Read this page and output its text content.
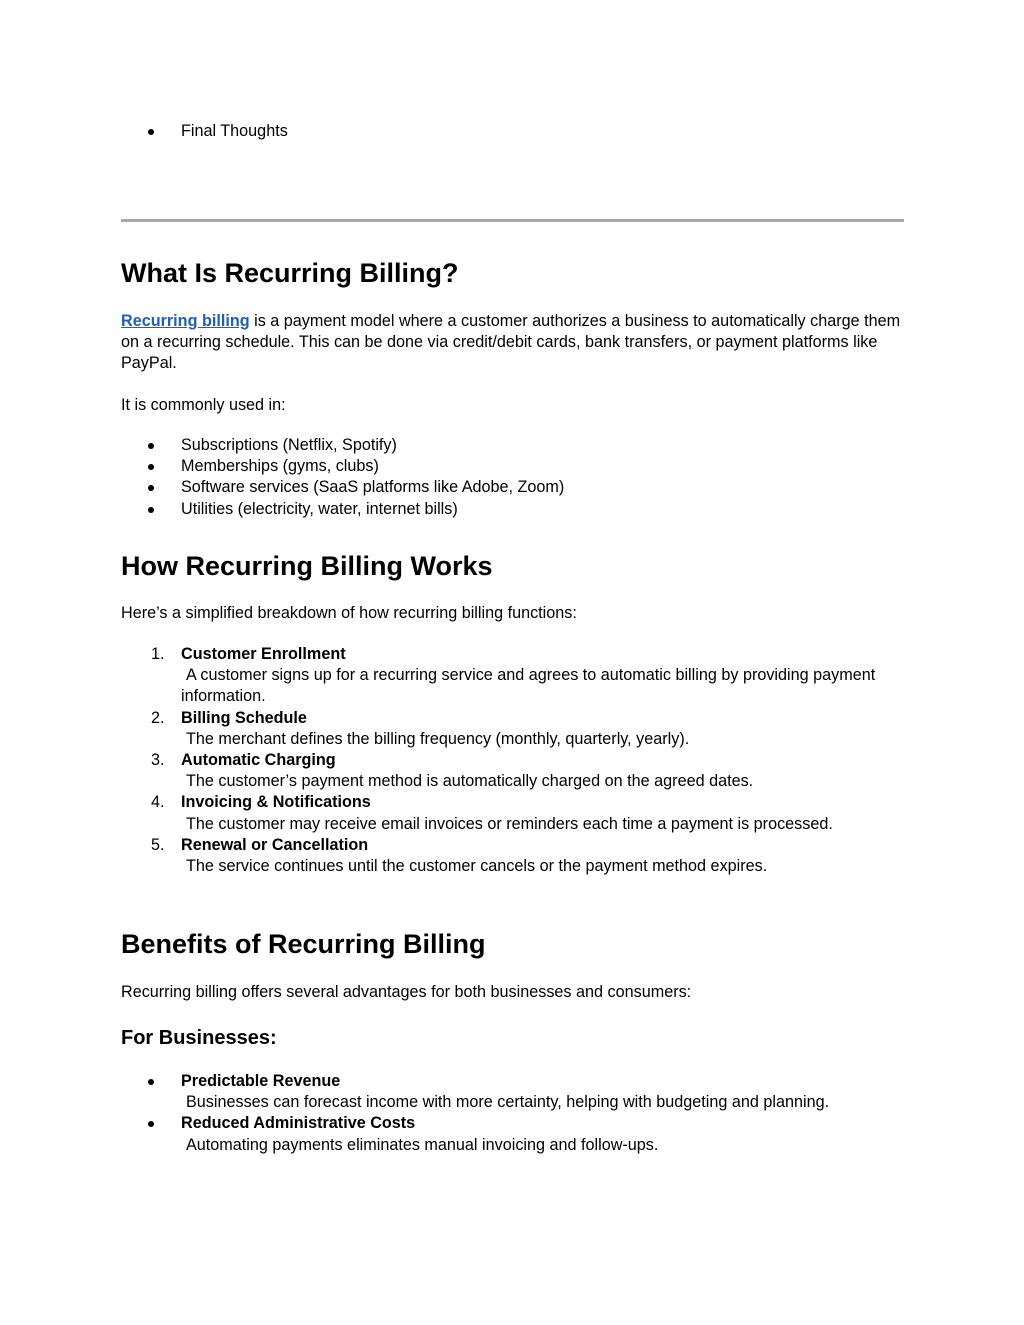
Final Thoughts
What Is Recurring Billing?

Recurring billing is a payment model where a customer authorizes a business to automatically charge them on a recurring schedule. This can be done via credit/debit cards, bank transfers, or payment platforms like PayPal.

It is commonly used in:

Subscriptions (Netflix, Spotify)
Memberships (gyms, clubs)
Software services (SaaS platforms like Adobe, Zoom)
Utilities (electricity, water, internet bills)
How Recurring Billing Works

Here’s a simplified breakdown of how recurring billing functions:

1. Customer Enrollment
A customer signs up for a recurring service and agrees to automatic billing by providing payment information.
2. Billing Schedule
The merchant defines the billing frequency (monthly, quarterly, yearly).
3. Automatic Charging
The customer’s payment method is automatically charged on the agreed dates.
4. Invoicing & Notifications
The customer may receive email invoices or reminders each time a payment is processed.
5. Renewal or Cancellation
The service continues until the customer cancels or the payment method expires.
Benefits of Recurring Billing

Recurring billing offers several advantages for both businesses and consumers:

For Businesses:
Predictable Revenue
Businesses can forecast income with more certainty, helping with budgeting and planning.
Reduced Administrative Costs
Automating payments eliminates manual invoicing and follow-ups.
